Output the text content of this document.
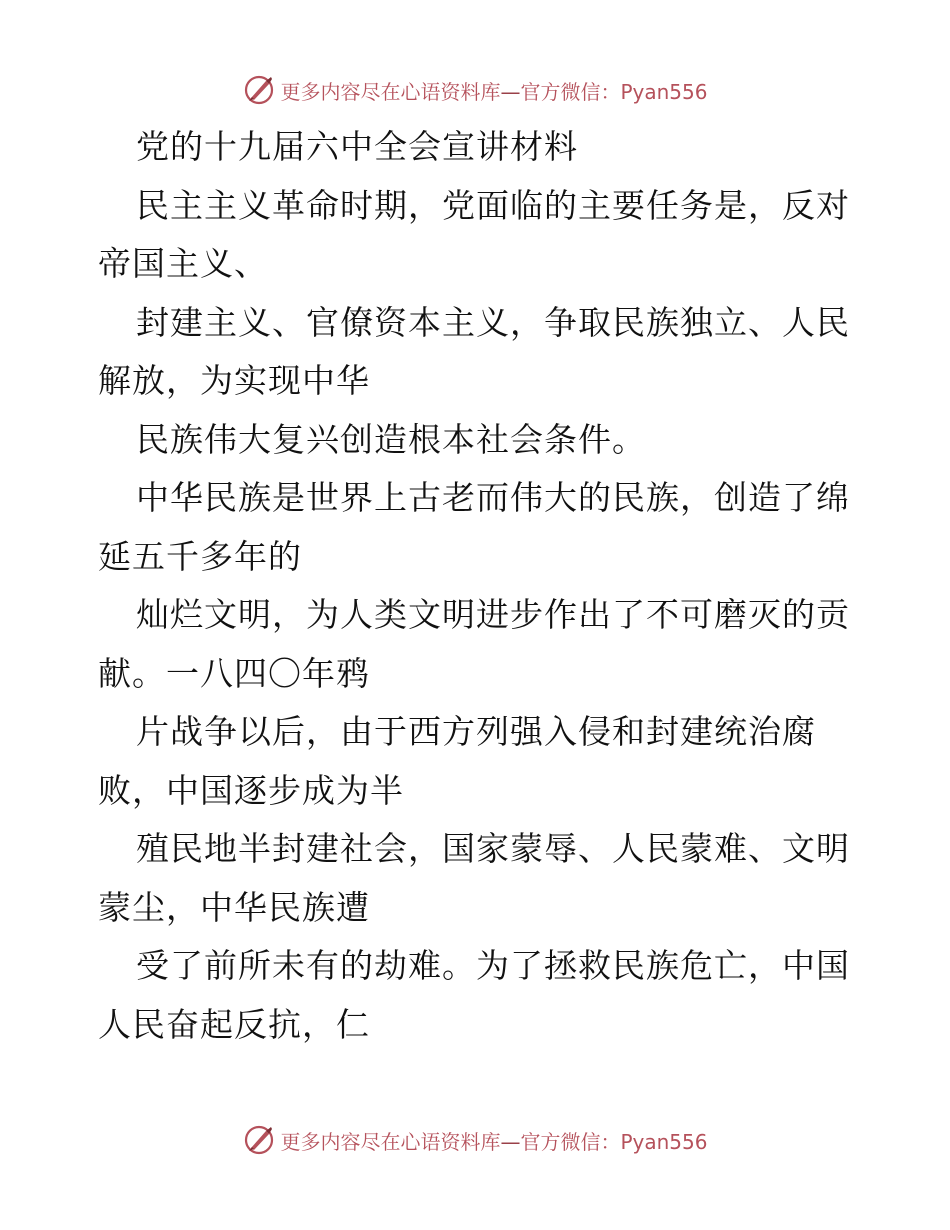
更多内容尽在心语资料库—官方微信：Pyan556

党的十九届六中全会宣讲材料

民主主义革命时期，党面临的主要任务是，反对帝国主义、

封建主义、官僚资本主义，争取民族独立、人民解放，为实现中华

民族伟大复兴创造根本社会条件。

中华民族是世界上古老而伟大的民族，创造了绵延五千多年的

灿烂文明，为人类文明进步作出了不可磨灭的贡献。一八四〇年鸦

片战争以后，由于西方列强入侵和封建统治腐败，中国逐步成为半

殖民地半封建社会，国家蒙辱、人民蒙难、文明蒙尘，中华民族遭

受了前所未有的劫难。为了拯救民族危亡，中国人民奋起反抗，仁

更多内容尽在心语资料库—官方微信：Pyan556
